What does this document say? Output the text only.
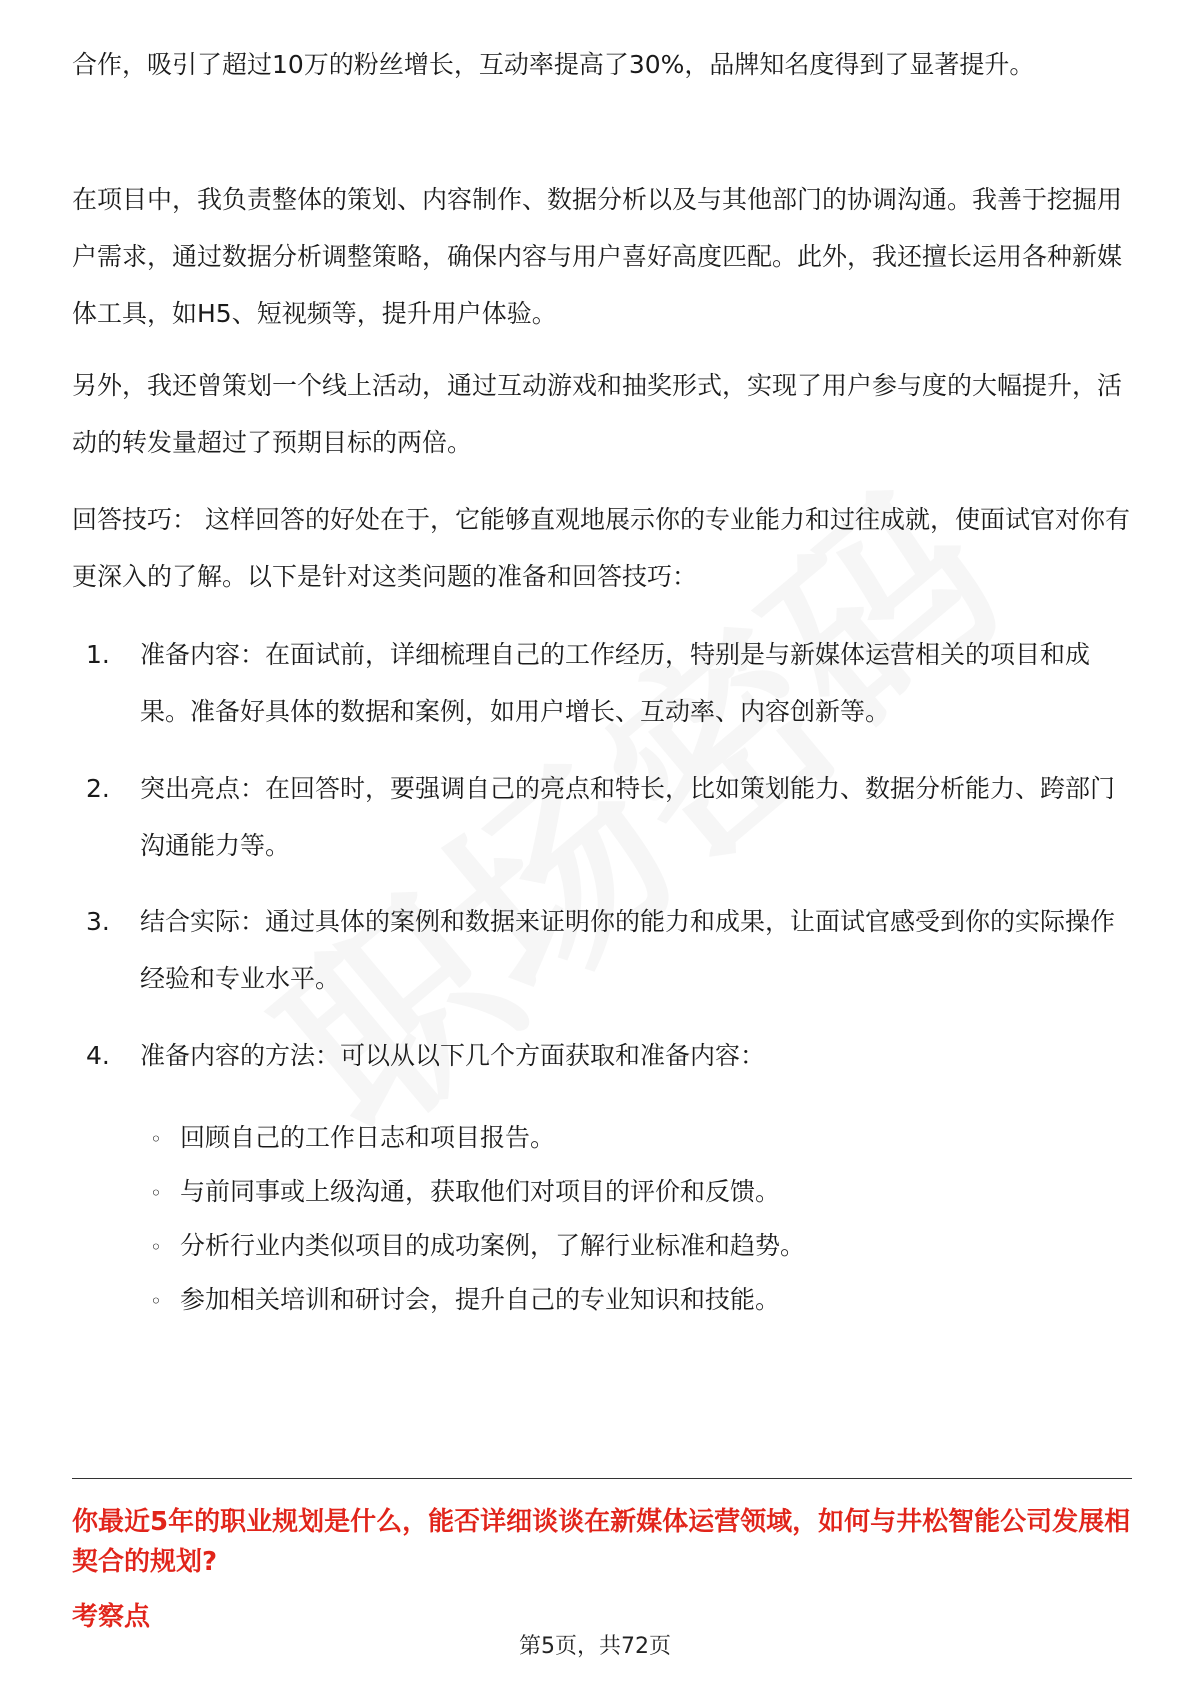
合作，吸引了超过10万的粉丝增长，互动率提高了30%，品牌知名度得到了显著提升。

在项目中，我负责整体的策划、内容制作、数据分析以及与其他部门的协调沟通。我善于挖掘用户需求，通过数据分析调整策略，确保内容与用户喜好高度匹配。此外，我还擅长运用各种新媒体工具，如H5、短视频等，提升用户体验。

另外，我还曾策划一个线上活动，通过互动游戏和抽奖形式，实现了用户参与度的大幅提升，活动的转发量超过了预期目标的两倍。

回答技巧： 这样回答的好处在于，它能够直观地展示你的专业能力和过往成就，使面试官对你有更深入的了解。以下是针对这类问题的准备和回答技巧：

1.	准备内容：在面试前，详细梳理自己的工作经历，特别是与新媒体运营相关的项目和成果。准备好具体的数据和案例，如用户增长、互动率、内容创新等。
2.	突出亮点：在回答时，要强调自己的亮点和特长，比如策划能力、数据分析能力、跨部门沟通能力等。
3.	结合实际：通过具体的案例和数据来证明你的能力和成果，让面试官感受到你的实际操作经验和专业水平。
4.	准备内容的方法：可以从以下几个方面获取和准备内容：
◦ 回顾自己的工作日志和项目报告。
◦ 与前同事或上级沟通，获取他们对项目的评价和反馈。
◦ 分析行业内类似项目的成功案例，了解行业标准和趋势。
◦ 参加相关培训和研讨会，提升自己的专业知识和技能。
你最近5年的职业规划是什么，能否详细谈谈在新媒体运营领域，如何与井松智能公司发展相契合的规划?
考察点
第5页，共72页
